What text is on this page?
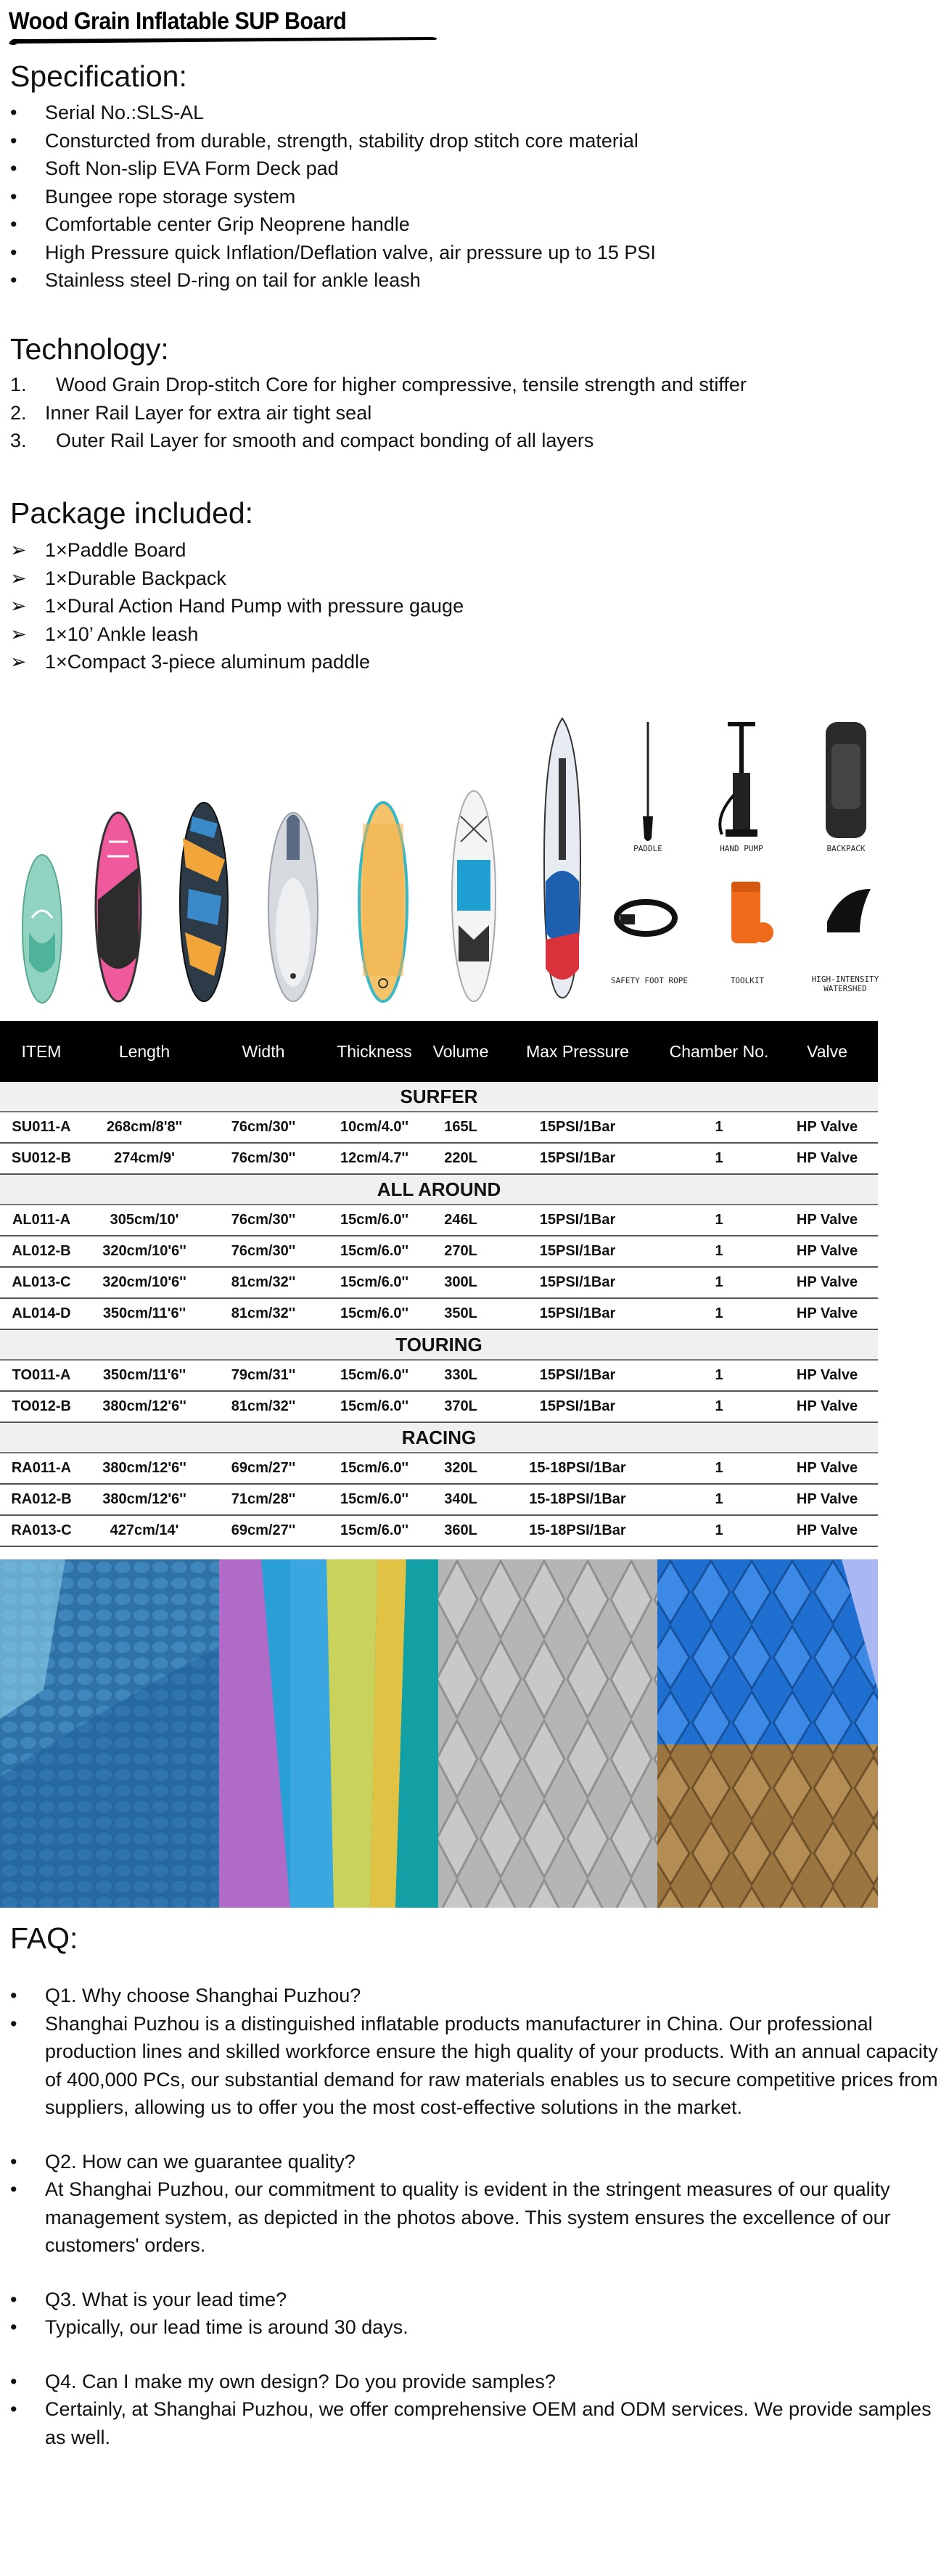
Wood Grain Inflatable SUP Board
Specification:
•	Serial No.:SLS-AL
•	Consturcted from durable, strength, stability drop stitch core material
•	Soft Non-slip EVA Form Deck pad
•	Bungee rope storage system
•	Comfortable center Grip Neoprene handle
•	High Pressure quick Inflation/Deflation valve, air pressure up to 15 PSI
•	Stainless steel D-ring on tail for ankle leash
Technology:
1. Wood Grain Drop-stitch Core for higher compressive, tensile strength and stiffer
2. Inner Rail Layer for extra air tight seal
3. Outer Rail Layer for smooth and compact bonding of all layers
Package included:
➢ 1×Paddle Board
➢ 1×Durable Backpack
➢ 1×Dural Action Hand Pump with pressure gauge
➢ 1×10’ Ankle leash
➢ 1×Compact 3-piece aluminum paddle
PADDLE	HAND PUMP	BACKPACK
SAFETY FOOT ROPE	TOOLKIT	HIGH-INTENSITY
WATERSHED
ITEM	Length	Width	Thickness	Volume	Max Pressure	Chamber No.	Valve
SURFER
SU011-A	268cm/8'8''	76cm/30''	10cm/4.0''	165L	15PSI/1Bar	1	HP Valve
SU012-B	274cm/9'	76cm/30''	12cm/4.7''	220L	15PSI/1Bar	1	HP Valve
ALL AROUND
AL011-A	305cm/10'	76cm/30''	15cm/6.0''	246L	15PSI/1Bar	1	HP Valve
AL012-B	320cm/10'6''	76cm/30''	15cm/6.0''	270L	15PSI/1Bar	1	HP Valve
AL013-C	320cm/10'6''	81cm/32''	15cm/6.0''	300L	15PSI/1Bar	1	HP Valve
AL014-D	350cm/11'6''	81cm/32''	15cm/6.0''	350L	15PSI/1Bar	1	HP Valve
TOURING
TO011-A	350cm/11'6''	79cm/31''	15cm/6.0''	330L	15PSI/1Bar	1	HP Valve
TO012-B	380cm/12'6''	81cm/32''	15cm/6.0''	370L	15PSI/1Bar	1	HP Valve
RACING
RA011-A	380cm/12'6''	69cm/27''	15cm/6.0''	320L	15-18PSI/1Bar	1	HP Valve
RA012-B	380cm/12'6''	71cm/28''	15cm/6.0''	340L	15-18PSI/1Bar	1	HP Valve
RA013-C	427cm/14'	69cm/27''	15cm/6.0''	360L	15-18PSI/1Bar	1	HP Valve
FAQ:
•	Q1. Why choose Shanghai Puzhou?
•	Shanghai Puzhou is a distinguished inflatable products manufacturer in China. Our professional production lines and skilled workforce ensure the high quality of your products. With an annual capacity of 400,000 PCs, our substantial demand for raw materials enables us to secure competitive prices from suppliers, allowing us to offer you the most cost-effective solutions in the market.
•	Q2. How can we guarantee quality?
•	At Shanghai Puzhou, our commitment to quality is evident in the stringent measures of our quality management system, as depicted in the photos above. This system ensures the excellence of our customers' orders.
•	Q3. What is your lead time?
•	Typically, our lead time is around 30 days.
•	Q4. Can I make my own design? Do you provide samples?
•	Certainly, at Shanghai Puzhou, we offer comprehensive OEM and ODM services. We provide samples as well.
